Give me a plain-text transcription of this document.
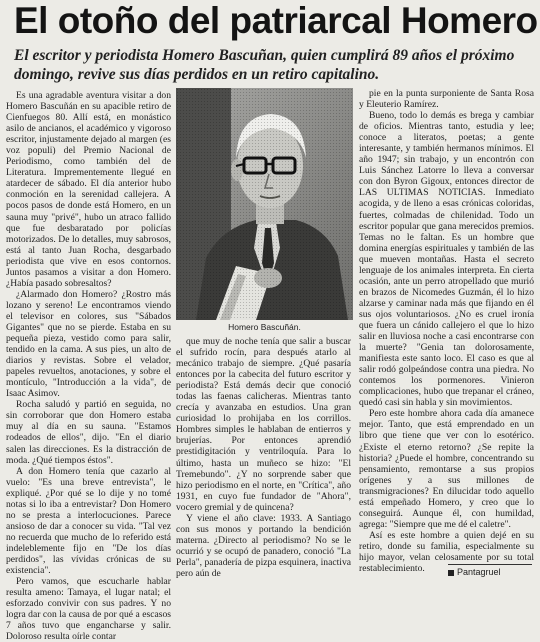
El otoño del patriarcal Homero
El escritor y periodista Homero Bascuñan, quien cumplirá 89 años el próximo domingo, revive sus días perdidos en un retiro capitalino.

Es una agradable aventura visitar a don Homero Bascuñán en su apacible retiro de Cienfuegos 80. Allí está, en monástico asilo de ancianos, el académico y vigoroso escritor, injustamente dejado al margen (es voz populi) del Premio Nacional de Periodismo, como también del de Literatura. Imprementemente llegué en atardecer de sábado. El día anterior hubo conmoción en la serenidad callejera. A pocos pasos de donde está Homero, en un sauna muy "privé", hubo un atraco fallido que fue desbaratado por policías motorizados. De lo detalles, muy sabrosos, está al tanto Juan Rocha, desgarbado periodista que vive en esos contornos. Juntos pasamos a visitar a don Homero. ¿Había pasado sobresaltos?

¿Alarmado don Homero? ¿Rostro más lozano y sereno! Le encontramos viendo el televisor en colores, sus "Sábados Gigantes" que no se pierde. Estaba en su pequeña pieza, vestido como para salir, tendido en la cama. A sus pies, un alto de diarios y revistas. Sobre el velador, papeles revueltos, anotaciones, y sobre el montículo, "Introducción a la vida", de Isaac Asimov.

Rocha saludó y partió en seguida, no sin corroborar que don Homero estaba muy al día en su sauna. "Estamos rodeados de ellos", dijo. "En el diario salen las direcciones. Es la distracción de moda. ¿Qué tiempos éstos".

A don Homero tenía que cazarlo al vuelo: "Es una breve entrevista", le expliqué. ¿Por qué se lo dije y no tomé notas si lo iba a entrevistar? Don Homero no se presta a interlocuciones. Parece ansioso de dar a conocer su vida. "Tal vez no recuerda que mucho de lo referido está indeleblemente fijo en "De los días perdidos", las vívidas crónicas de su existencia".

Pero vamos, que escucharle hablar resulta ameno: Tamaya, el lugar natal; el esforzado convivir con sus padres. Y no logra dar con la causa de por qué a escasos 7 años tuvo que engancharse y salir. Doloroso resulta oírle contar

Homero Bascuñán.

que muy de noche tenía que salir a buscar el sufrido rocín, para después atarlo al mecánico trabajo de siempre. ¿Qué pasaría entonces por la cabecita del futuro escritor y periodista? Está demás decir que conoció todas las faenas calicheras. Mientras tanto crecía y avanzaba en estudios. Una gran curiosidad lo prohijaba en los corrillos. Hombres simples le hablaban de entierros y brujerías. Por entonces aprendió prestidigitación y ventriloquía. Para lo último, hasta un muñeco se hizo: "El Tremebundo". ¿Y no sorprende saber que hizo periodismo en el norte, en "Crítica", año 1931, en cuyo fue fundador de "Ahora", vocero gremial y de quincena?

Y viene el año clave: 1933. A Santiago con sus monos y portando la bendición materna. ¿Directo al periodismo? No se le ocurrió y se ocupó de panadero, conoció "La Perla", panadería de pizpa esquinera, inactiva pero aún de

pie en la punta surponiente de Santa Rosa y Eleuterio Ramírez.

Bueno, todo lo demás es brega y cambiar de oficios. Mientras tanto, estudia y lee; conoce a literatos, poetas; a gente interesante, y también hermanos mínimos. El año 1947; sin trabajo, y un encontrón con Luis Sánchez Latorre lo lleva a conversar con don Byron Gigoux, entonces director de LAS ULTIMAS NOTICIAS. Inmediato acogida, y de lleno a esas crónicas coloridas, fuertes, colmadas de chilenidad. Todo un escritor popular que gana merecidos premios. Temas no le faltan. Es un hombre que domina energías espirituales y también de las que mueven montañas. Hasta el secreto lenguaje de los animales interpreta. En cierta ocasión, ante un perro atropellado que murió en brazos de Nicomedes Guzmán, él lo hizo alzarse y caminar nada más que fijando en él sus ojos voluntariosos. ¿No es cruel ironía que fuera un cánido callejero el que lo hizo salir en lluviosa noche a casi encontrarse con la muerte? "Genia tan dolorosamente, manifiesta este santo loco. El caso es que al salir rodó golpeándose contra una piedra. No contemos los pormenores. Vinieron complicaciones, hubo que trepanar el cráneo, quedó casi sin habla y sin movimientos.

Pero este hombre ahora cada día amanece mejor. Tanto, que está emprendado en un libro que tiene que ver con lo esotérico. ¿Existe el eterno retorno? ¿Se repite la historia? ¿Puede el hombre, concentrando su pensamiento, remontarse a sus propios orígenes y a sus millones de transmigraciones? En dilucidar todo aquello está empeñado Homero, y creo que lo conseguirá. Aunque él, con humildad, agrega: "Siempre que me dé el caletre".

Así es este hombre a quien dejé en su retiro, donde su familia, especialmente su hijo mayor, velan celosamente por su total restablecimiento.	Pantagruel
